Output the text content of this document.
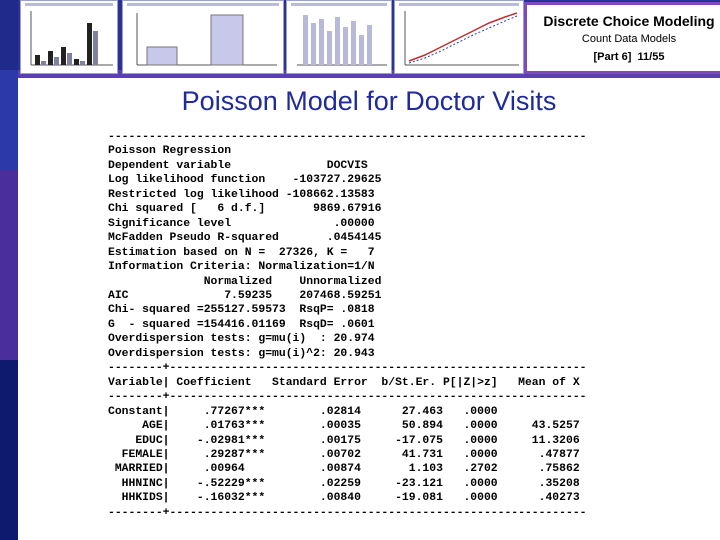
Discrete Choice Modeling
Count Data Models
[Part 6] 11/55
Poisson Model for Doctor Visits
----------------------------------------------------------------------
Poisson Regression
Dependent variable              DOCVIS
Log likelihood function    -103727.29625
Restricted log likelihood -108662.13583
Chi squared [   6 d.f.]       9869.67916
Significance level               .00000
McFadden Pseudo R-squared       .0454145
Estimation based on N =  27326, K =   7
Information Criteria: Normalization=1/N
Normalized    Unnormalized
AIC              7.59235    207468.59251
Chi- squared =255127.59573  RsqP= .0818
G  - squared =154416.01169  RsqD= .0601
Overdispersion tests: g=mu(i)  : 20.974
Overdispersion tests: g=mu(i)^2: 20.943
--------+-------------------------------------------------------------
Variable| Coefficient   Standard Error  b/St.Er. P[|Z|>z]   Mean of X
--------+-------------------------------------------------------------
Constant|     .77267***        .02814      27.463   .0000
AGE|     .01763***        .00035      50.894   .0000     43.5257
EDUC|    -.02981***        .00175     -17.075   .0000     11.3206
FEMALE|     .29287***        .00702      41.731   .0000      .47877
MARRIED|     .00964           .00874       1.103   .2702      .75862
HHNINC|    -.52229***        .02259     -23.121   .0000      .35208
HHKIDS|    -.16032***        .00840     -19.081   .0000      .40273
--------+-------------------------------------------------------------
